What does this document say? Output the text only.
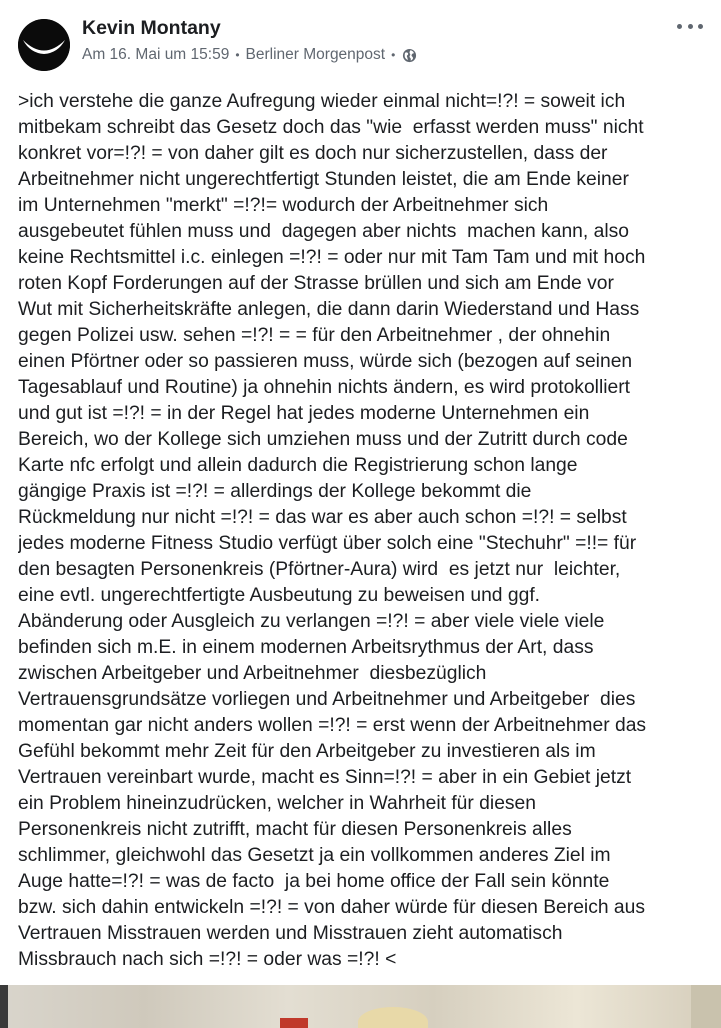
Kevin Montany
Am 16. Mai um 15:59 • Berliner Morgenpost •
>ich verstehe die ganze Aufregung wieder einmal nicht=!?! = soweit ich
mitbekam schreibt das Gesetz doch das "wie  erfasst werden muss" nicht
konkret vor=!?! = von daher gilt es doch nur sicherzustellen, dass der
Arbeitnehmer nicht ungerechtfertigt Stunden leistet, die am Ende keiner
im Unternehmen "merkt" =!?!= wodurch der Arbeitnehmer sich
ausgebeutet fühlen muss und  dagegen aber nichts  machen kann, also
keine Rechtsmittel i.c. einlegen =!?! = oder nur mit Tam Tam und mit hoch
roten Kopf Forderungen auf der Strasse brüllen und sich am Ende vor
Wut mit Sicherheitskräfte anlegen, die dann darin Wiederstand und Hass
gegen Polizei usw. sehen =!?! = = für den Arbeitnehmer , der ohnehin
einen Pförtner oder so passieren muss, würde sich (bezogen auf seinen
Tagesablauf und Routine) ja ohnehin nichts ändern, es wird protokolliert
und gut ist =!?! = in der Regel hat jedes moderne Unternehmen ein
Bereich, wo der Kollege sich umziehen muss und der Zutritt durch code
Karte nfc erfolgt und allein dadurch die Registrierung schon lange
gängige Praxis ist =!?! = allerdings der Kollege bekommt die
Rückmeldung nur nicht =!?! = das war es aber auch schon =!?! = selbst
jedes moderne Fitness Studio verfügt über solch eine "Stechuhr" =!!= für
den besagten Personenkreis (Pförtner-Aura) wird  es jetzt nur  leichter,
eine evtl. ungerechtfertigte Ausbeutung zu beweisen und ggf.
Abänderung oder Ausgleich zu verlangen =!?! = aber viele viele viele
befinden sich m.E. in einem modernen Arbeitsrythmus der Art, dass
zwischen Arbeitgeber und Arbeitnehmer  diesbezüglich
Vertrauensgrundsätze vorliegen und Arbeitnehmer und Arbeitgeber  dies
momentan gar nicht anders wollen =!?! = erst wenn der Arbeitnehmer das
Gefühl bekommt mehr Zeit für den Arbeitgeber zu investieren als im
Vertrauen vereinbart wurde, macht es Sinn=!?! = aber in ein Gebiet jetzt
ein Problem hineinzudrücken, welcher in Wahrheit für diesen
Personenkreis nicht zutrifft, macht für diesen Personenkreis alles
schlimmer, gleichwohl das Gesetzt ja ein vollkommen anderes Ziel im
Auge hatte=!?! = was de facto  ja bei home office der Fall sein könnte
bzw. sich dahin entwickeln =!?! = von daher würde für diesen Bereich aus
Vertrauen Misstrauen werden und Misstrauen zieht automatisch
Missbrauch nach sich =!?! = oder was =!?! <
